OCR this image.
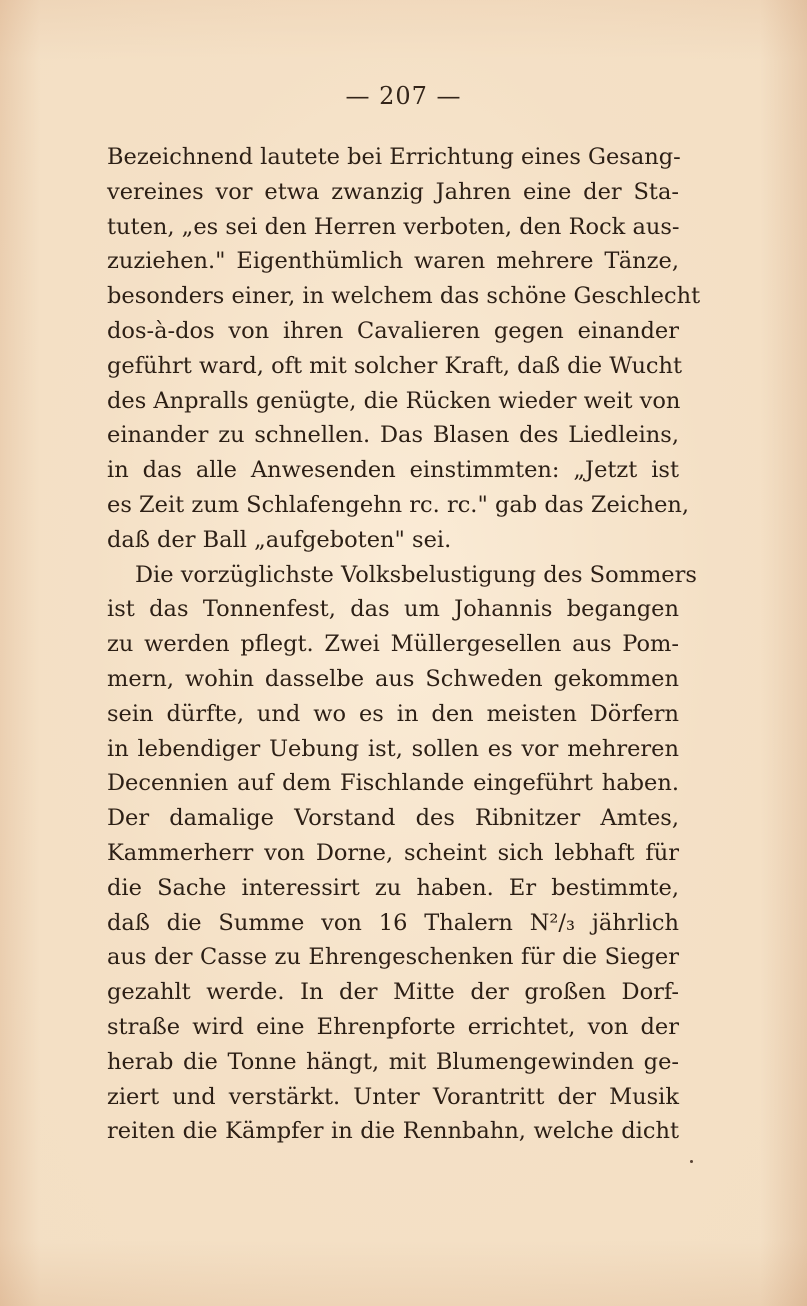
— 207 —
Bezeichnend lautete bei Errichtung eines Gesang-
vereines vor etwa zwanzig Jahren eine der Sta-
tuten, „es sei den Herren verboten, den Rock aus-
zuziehen." Eigenthümlich waren mehrere Tänze,
besonders einer, in welchem das schöne Geschlecht
dos-à-dos von ihren Cavalieren gegen einander
geführt ward, oft mit solcher Kraft, daß die Wucht
des Anpralls genügte, die Rücken wieder weit von
einander zu schnellen. Das Blasen des Liedleins,
in das alle Anwesenden einstimmten: „Jetzt ist
es Zeit zum Schlafengehn rc. rc." gab das Zeichen,
daß der Ball „aufgeboten" sei.
Die vorzüglichste Volksbelustigung des Sommers
ist das Tonnenfest, das um Johannis begangen
zu werden pflegt. Zwei Müllergesellen aus Pom-
mern, wohin dasselbe aus Schweden gekommen
sein dürfte, und wo es in den meisten Dörfern
in lebendiger Uebung ist, sollen es vor mehreren
Decennien auf dem Fischlande eingeführt haben.
Der damalige Vorstand des Ribnitzer Amtes,
Kammerherr von Dorne, scheint sich lebhaft für
die Sache interessirt zu haben. Er bestimmte,
daß die Summe von 16 Thalern N²/₃ jährlich
aus der Casse zu Ehrengeschenken für die Sieger
gezahlt werde. In der Mitte der großen Dorf-
straße wird eine Ehrenpforte errichtet, von der
herab die Tonne hängt, mit Blumengewinden ge-
ziert und verstärkt. Unter Vorantritt der Musik
reiten die Kämpfer in die Rennbahn, welche dicht
